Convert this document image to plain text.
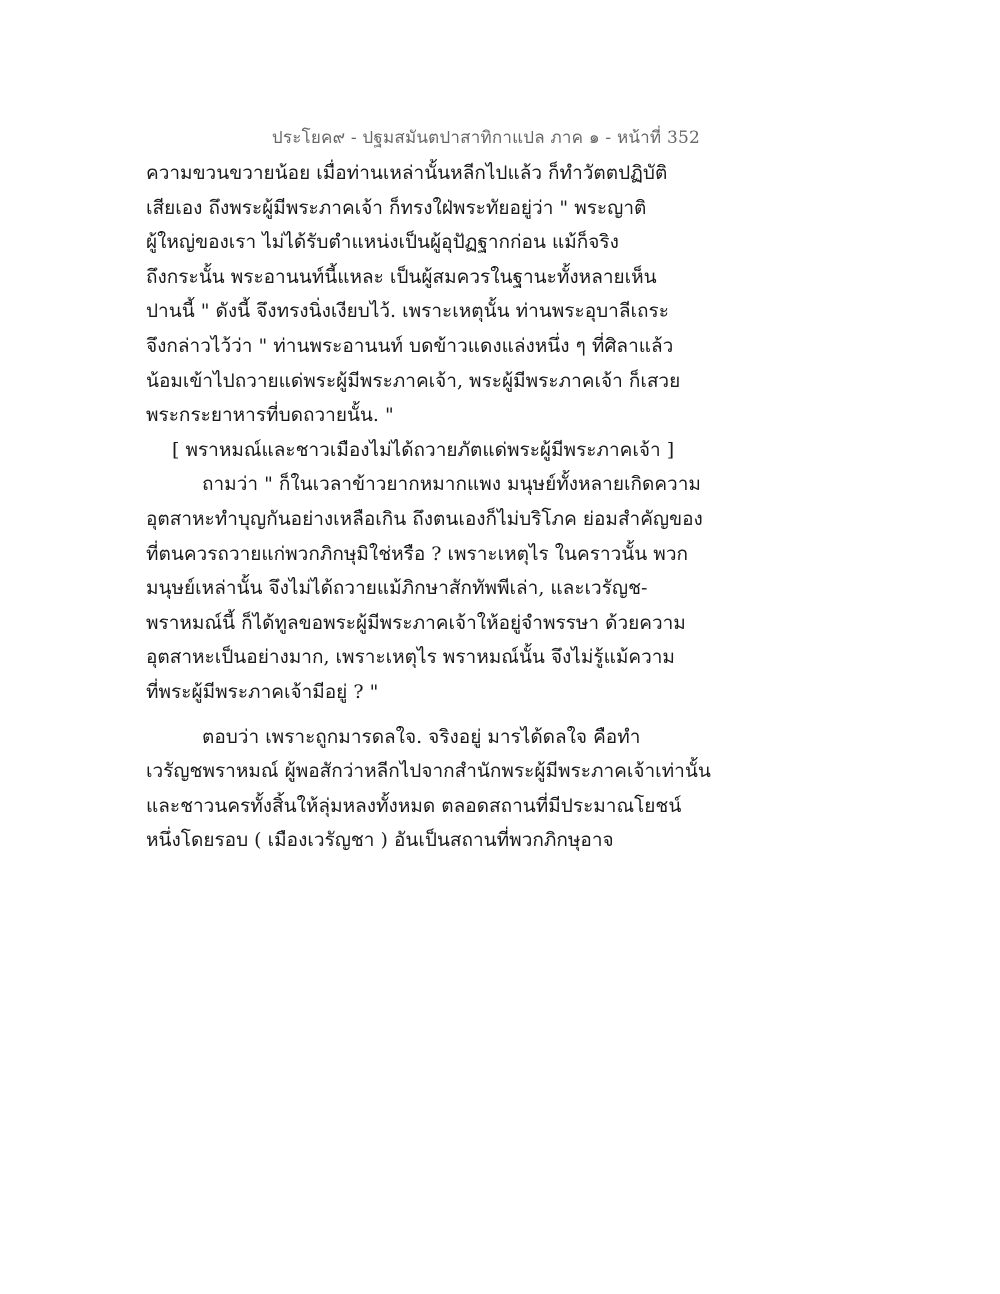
ประโยค๙ - ปฐมสมันตปาสาทิกาแปล ภาค ๑ - หน้าที่ 352
ความขวนขวายน้อย เมื่อท่านเหล่านั้นหลีกไปแล้ว ก็ทำวัตตปฏิบัติ
เสียเอง ถึงพระผู้มีพระภาคเจ้า ก็ทรงใฝ่พระทัยอยู่ว่า " พระญาติ
ผู้ใหญ่ของเรา ไม่ได้รับตำแหน่งเป็นผู้อุปัฏฐากก่อน แม้ก็จริง
ถึงกระนั้น พระอานนท์นี้แหละ เป็นผู้สมควรในฐานะทั้งหลายเห็น
ปานนี้ " ดังนี้ จึงทรงนิ่งเงียบไว้. เพราะเหตุนั้น ท่านพระอุบาลีเถระ
จึงกล่าวไว้ว่า " ท่านพระอานนท์ บดข้าวแดงแล่งหนึ่ง ๆ ที่ศิลาแล้ว
น้อมเข้าไปถวายแด่พระผู้มีพระภาคเจ้า, พระผู้มีพระภาคเจ้า ก็เสวย
พระกระยาหารที่บดถวายนั้น. "
[ พราหมณ์และชาวเมืองไม่ได้ถวายภัตแด่พระผู้มีพระภาคเจ้า ]
ถามว่า " ก็ในเวลาข้าวยากหมากแพง มนุษย์ทั้งหลายเกิดความ
อุตสาหะทำบุญกันอย่างเหลือเกิน ถึงตนเองก็ไม่บริโภค ย่อมสำคัญของ
ที่ตนควรถวายแก่พวกภิกษุมิใช่หรือ ? เพราะเหตุไร ในคราวนั้น พวก
มนุษย์เหล่านั้น จึงไม่ได้ถวายแม้ภิกษาสักทัพพีเล่า, และเวรัญช-
พราหมณ์นี้ ก็ได้ทูลขอพระผู้มีพระภาคเจ้าให้อยู่จำพรรษา ด้วยความ
อุตสาหะเป็นอย่างมาก, เพราะเหตุไร พราหมณ์นั้น จึงไม่รู้แม้ความ
ที่พระผู้มีพระภาคเจ้ามีอยู่ ? "
ตอบว่า เพราะถูกมารดลใจ. จริงอยู่ มารได้ดลใจ คือทำ
เวรัญชพราหมณ์ ผู้พอสักว่าหลีกไปจากสำนักพระผู้มีพระภาคเจ้าเท่านั้น
และชาวนครทั้งสิ้นให้ลุ่มหลงทั้งหมด ตลอดสถานที่มีประมาณโยชน์
หนึ่งโดยรอบ ( เมืองเวรัญชา ) อันเป็นสถานที่พวกภิกษุอาจ
